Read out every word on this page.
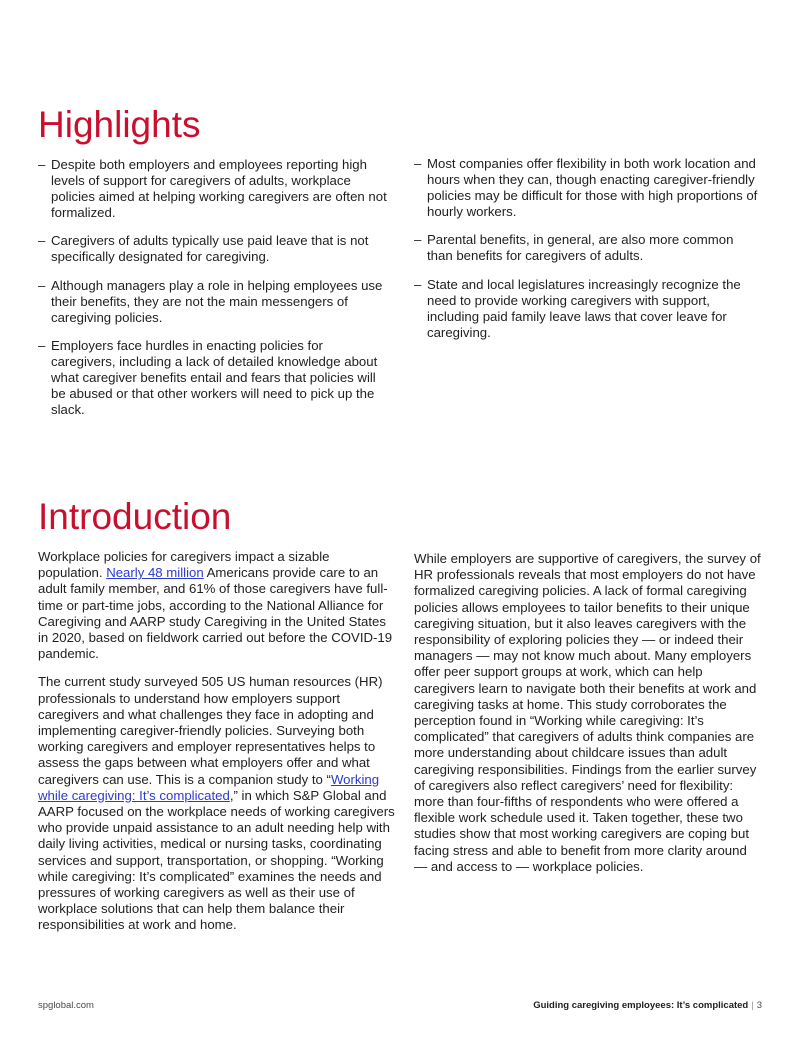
Highlights
– Despite both employers and employees reporting high levels of support for caregivers of adults, workplace policies aimed at helping working caregivers are often not formalized.
– Caregivers of adults typically use paid leave that is not specifically designated for caregiving.
– Although managers play a role in helping employees use their benefits, they are not the main messengers of caregiving policies.
– Employers face hurdles in enacting policies for caregivers, including a lack of detailed knowledge about what caregiver benefits entail and fears that policies will be abused or that other workers will need to pick up the slack.
– Most companies offer flexibility in both work location and hours when they can, though enacting caregiver-friendly policies may be difficult for those with high proportions of hourly workers.
– Parental benefits, in general, are also more common than benefits for caregivers of adults.
– State and local legislatures increasingly recognize the need to provide working caregivers with support, including paid family leave laws that cover leave for caregiving.
Introduction

Workplace policies for caregivers impact a sizable population. Nearly 48 million Americans provide care to an adult family member, and 61% of those caregivers have full-time or part-time jobs, according to the National Alliance for Caregiving and AARP study Caregiving in the United States in 2020, based on fieldwork carried out before the COVID-19 pandemic.

The current study surveyed 505 US human resources (HR) professionals to understand how employers support caregivers and what challenges they face in adopting and implementing caregiver-friendly policies. Surveying both working caregivers and employer representatives helps to assess the gaps between what employers offer and what caregivers can use. This is a companion study to “Working while caregiving: It’s complicated,” in which S&P Global and AARP focused on the workplace needs of working caregivers who provide unpaid assistance to an adult needing help with daily living activities, medical or nursing tasks, coordinating services and support, transportation, or shopping. “Working while caregiving: It’s complicated” examines the needs and pressures of working caregivers as well as their use of workplace solutions that can help them balance their responsibilities at work and home.

While employers are supportive of caregivers, the survey of HR professionals reveals that most employers do not have formalized caregiving policies. A lack of formal caregiving policies allows employees to tailor benefits to their unique caregiving situation, but it also leaves caregivers with the responsibility of exploring policies they — or indeed their managers — may not know much about. Many employers offer peer support groups at work, which can help caregivers learn to navigate both their benefits at work and caregiving tasks at home. This study corroborates the perception found in “Working while caregiving: It’s complicated” that caregivers of adults think companies are more understanding about childcare issues than adult caregiving responsibilities. Findings from the earlier survey of caregivers also reflect caregivers’ need for flexibility: more than four-fifths of respondents who were offered a flexible work schedule used it. Taken together, these two studies show that most working caregivers are coping but facing stress and able to benefit from more clarity around — and access to — workplace policies.

spglobal.com	Guiding caregiving employees: It’s complicated | 3
